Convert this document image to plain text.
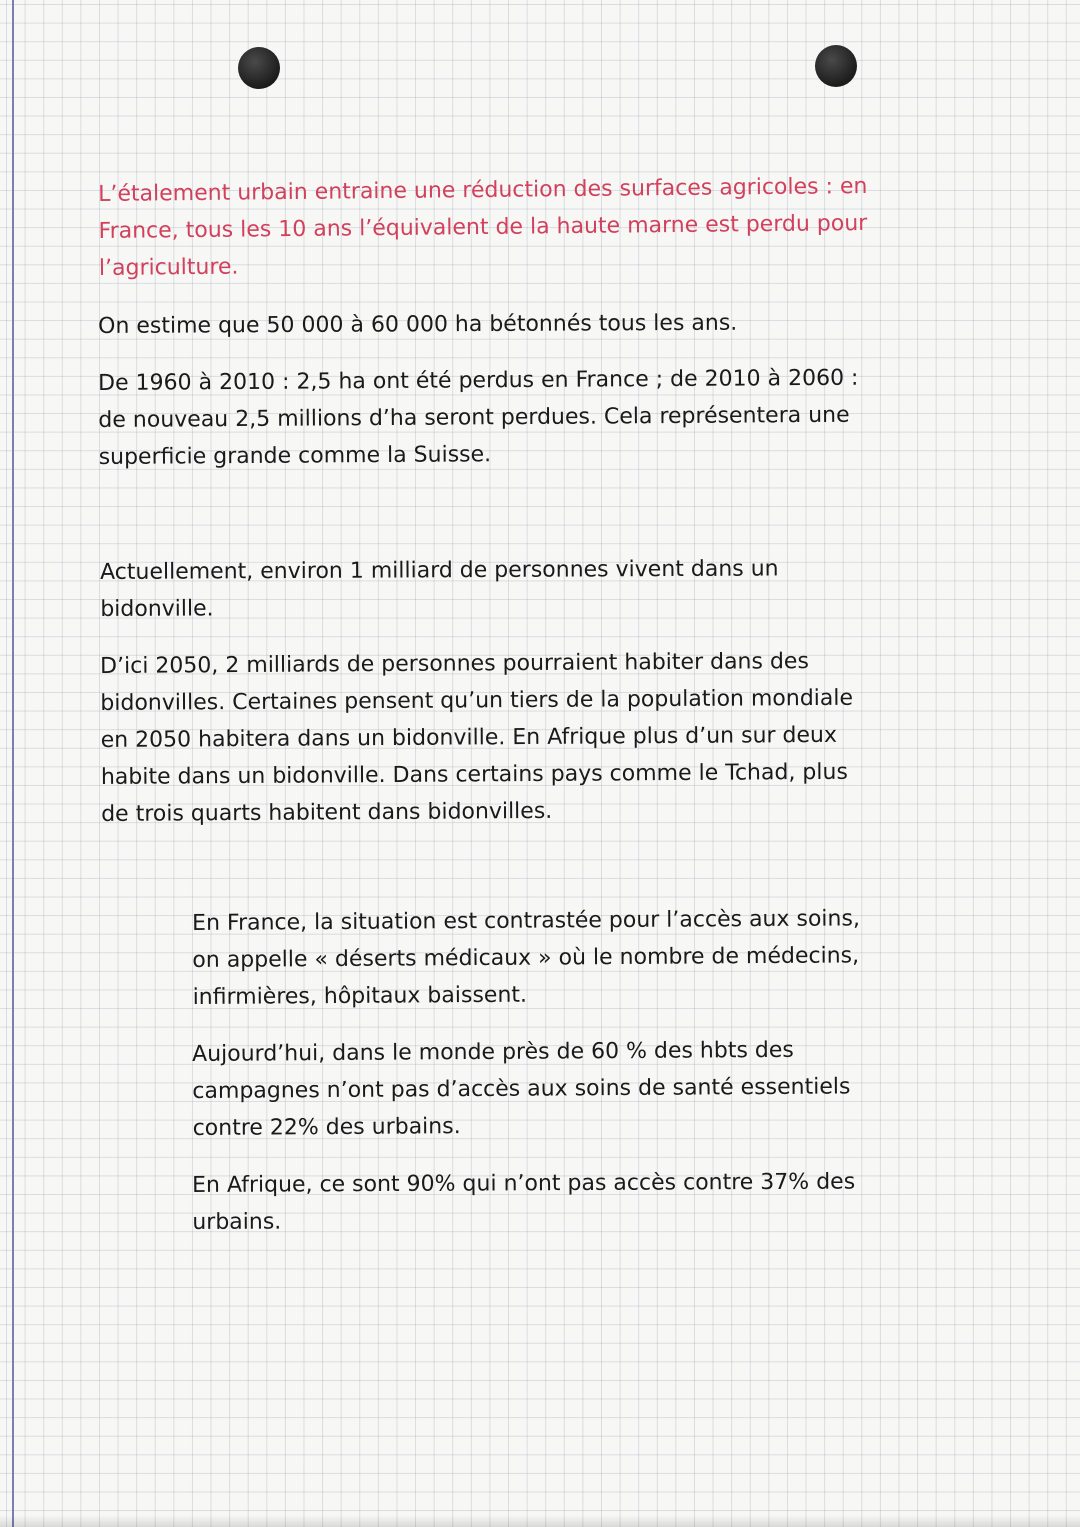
L’étalement urbain entraine une réduction des surfaces agricoles : en
France, tous les 10 ans l’équivalent de la haute marne est perdu pour
l’agriculture.

On estime que 50 000 à 60 000 ha bétonnés tous les ans.

De 1960 à 2010 : 2,5 ha ont été perdus en France ; de 2010 à 2060 :
de nouveau 2,5 millions d’ha seront perdues. Cela représentera une
superficie grande comme la Suisse.

Actuellement, environ 1 milliard de personnes vivent dans un
bidonville.

D’ici 2050, 2 milliards de personnes pourraient habiter dans des
bidonvilles. Certaines pensent qu’un tiers de la population mondiale
en 2050 habitera dans un bidonville. En Afrique plus d’un sur deux
habite dans un bidonville. Dans certains pays comme le Tchad, plus
de trois quarts habitent dans bidonvilles.

En France, la situation est contrastée pour l’accès aux soins,
on appelle « déserts médicaux » où le nombre de médecins,
infirmières, hôpitaux baissent.

Aujourd’hui, dans le monde près de 60 % des hbts des
campagnes n’ont pas d’accès aux soins de santé essentiels
contre 22% des urbains.

En Afrique, ce sont 90% qui n’ont pas accès contre 37% des
urbains.
